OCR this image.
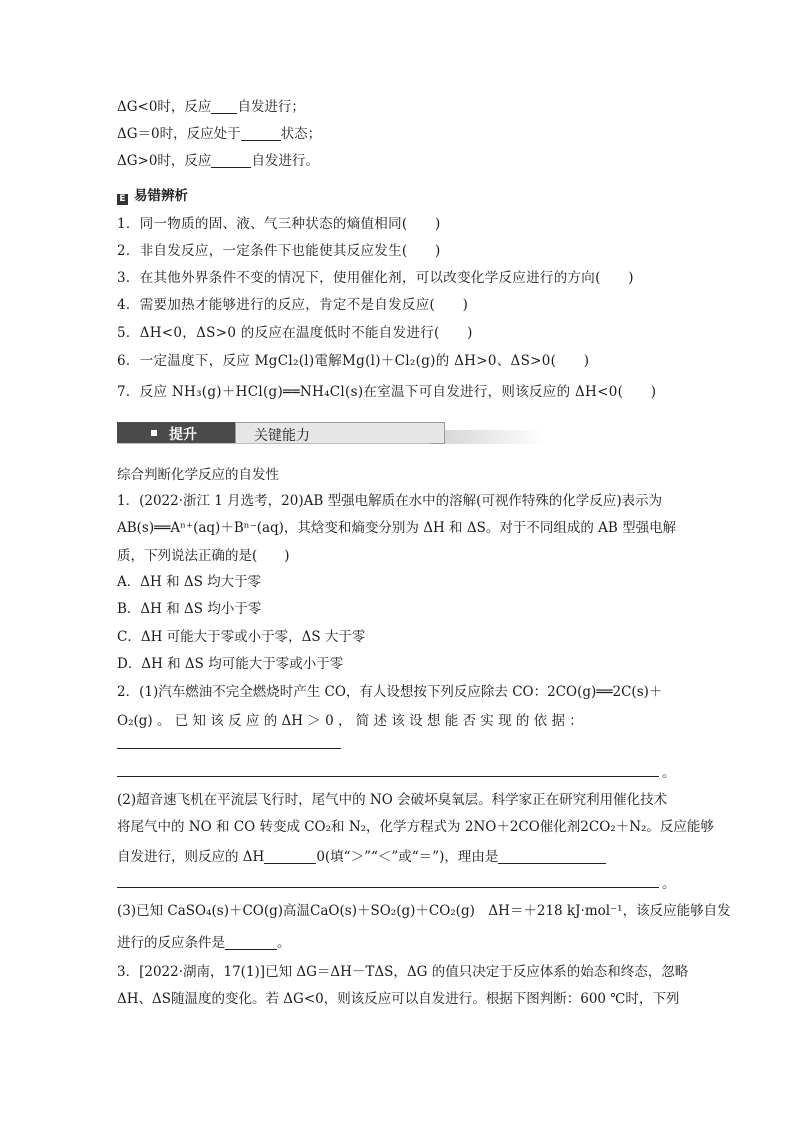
ΔG<0时，反应 自发进行；
ΔG＝0时，反应处于	状态；
ΔG>0时，反应	自发进行。
E 易错辨析
1．同一物质的固、液、气三种状态的熵值相同(　　)
2．非自发反应，一定条件下也能使其反应发生(　　)
3．在其他外界条件不变的情况下，使用催化剂，可以改变化学反应进行的方向(　　)
4．需要加热才能够进行的反应，肯定不是自发反应(　　)
5．ΔH<0，ΔS>0 的反应在温度低时不能自发进行(　　)
6．一定温度下，反应 MgCl₂(l)電解Mg(l)＋Cl₂(g)的 ΔH>0、ΔS>0(　　)
7．反应 NH₃(g)＋HCl(g)══NH₄Cl(s)在室温下可自发进行，则该反应的 ΔH<0(　　)
提升	关键能力
综合判断化学反应的自发性
1．(2022·浙江 1 月选考，20)AB 型强电解质在水中的溶解(可视作特殊的化学反应)表示为
AB(s)══Aⁿ⁺(aq)＋Bⁿ⁻(aq)，其焓变和熵变分别为 ΔH 和 ΔS。对于不同组成的 AB 型强电解
质，下列说法正确的是(　　)
A．ΔH 和 ΔS 均大于零
B．ΔH 和 ΔS 均小于零
C．ΔH 可能大于零或小于零，ΔS 大于零
D．ΔH 和 ΔS 均可能大于零或小于零
2．(1)汽车燃油不完全燃烧时产生 CO，有人设想按下列反应除去 CO：2CO(g)══2C(s)＋
O₂(g) 。 已 知 该 反 应 的 ΔH ＞ 0 ， 简 述 该 设 想 能 否 实 现 的 依 据 ：
。
(2)超音速飞机在平流层飞行时，尾气中的 NO 会破坏臭氧层。科学家正在研究利用催化技术
将尾气中的 NO 和 CO 转变成 CO₂和 N₂，化学方程式为 2NO＋2CO催化剂2CO₂＋N₂。反应能够
自发进行，则反应的 ΔH	0(填“＞”“＜”或“＝”)，理由是
。
(3)已知 CaSO₄(s)＋CO(g)高温CaO(s)＋SO₂(g)＋CO₂(g)　ΔH＝＋218 kJ·mol⁻¹，该反应能够自发
进行的反应条件是	。
3．[2022·湖南，17(1)]已知 ΔG＝ΔH－TΔS，ΔG 的值只决定于反应体系的始态和终态，忽略
ΔH、ΔS随温度的变化。若 ΔG<0，则该反应可以自发进行。根据下图判断：600 ℃时，下列
